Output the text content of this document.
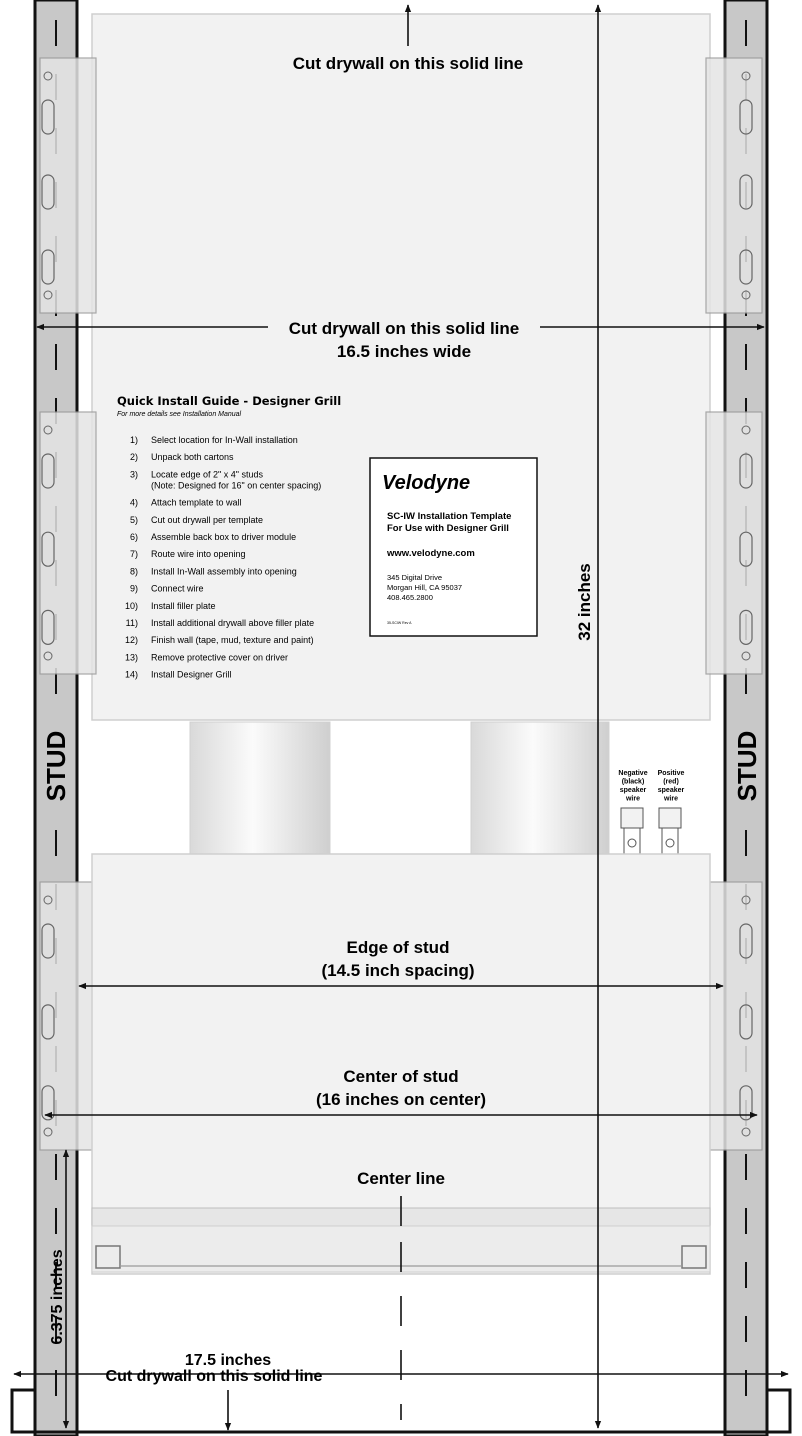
Cut drywall on this solid line
Cut drywall on this solid line
16.5 inches wide
32 inches
STUD	STUD
Edge of stud
(14.5 inch spacing)
Center of stud
(16 inches on center)
Center line
6.375 inches
17.5 inches
Cut drywall on this solid line
Quick Install Guide - Designer Grill
For more details see Installation Manual
1) Select location for In-Wall installation
2) Unpack both cartons
3) Locate edge of 2" x 4" studs
(Note: Designed for 16" on center spacing)
4) Attach template to wall
5) Cut out drywall per template
6) Assemble back box to driver module
7) Route wire into opening
8) Install In-Wall assembly into opening
9) Connect wire
10) Install filler plate
11) Install additional drywall above filler plate
12) Finish wall (tape, mud, texture and paint)
13) Remove protective cover on driver
14) Install Designer Grill
Velodyne
SC-IW Installation Template
For Use with Designer Grill
www.velodyne.com
345 Digital Drive
Morgan Hill, CA 95037
408.465.2800
35-SCIW Rev A
Negative
(black)
speaker
wire
Positive
(red)
speaker
wire
